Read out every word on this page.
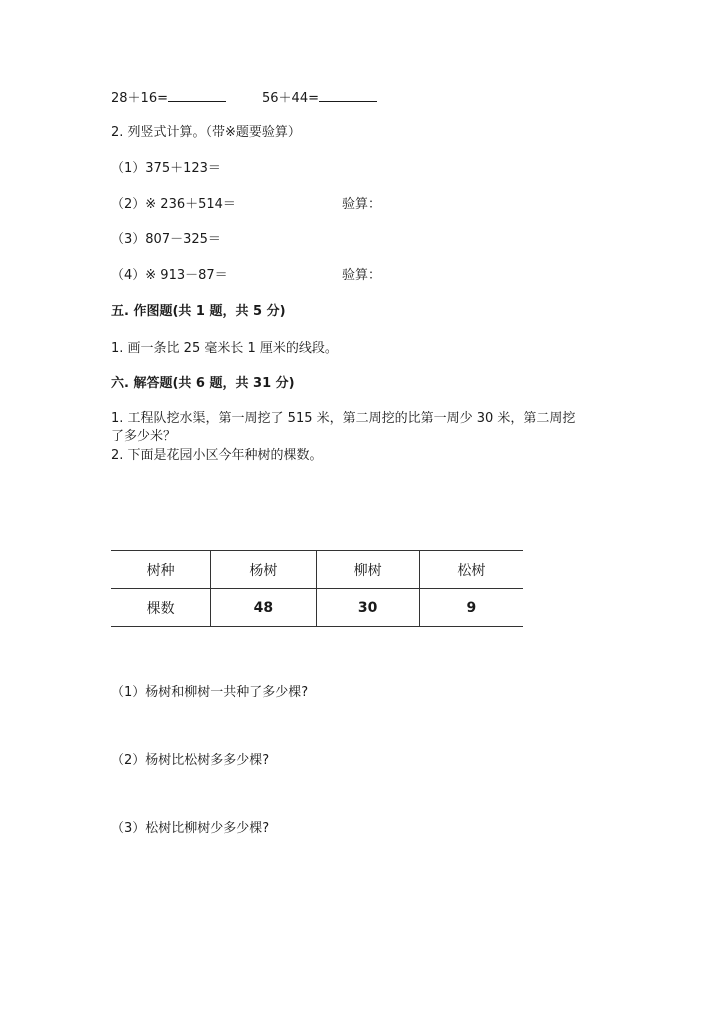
28＋16=	56＋44=
2. 列竖式计算。（带※题要验算）
（1）375＋123＝
（2）※ 236＋514＝	验算：
（3）807－325＝
（4）※ 913－87＝	验算：
五. 作图题(共 1 题，共 5 分)
1. 画一条比 25 毫米长 1 厘米的线段。
六. 解答题(共 6 题，共 31 分)
1. 工程队挖水渠，第一周挖了 515 米，第二周挖的比第一周少 30 米，第二周挖
了多少米？
2. 下面是花园小区今年种树的棵数。
树种	杨树	柳树	松树
棵数	48	30	9
（1）杨树和柳树一共种了多少棵?
（2）杨树比松树多多少棵?
（3）松树比柳树少多少棵?
